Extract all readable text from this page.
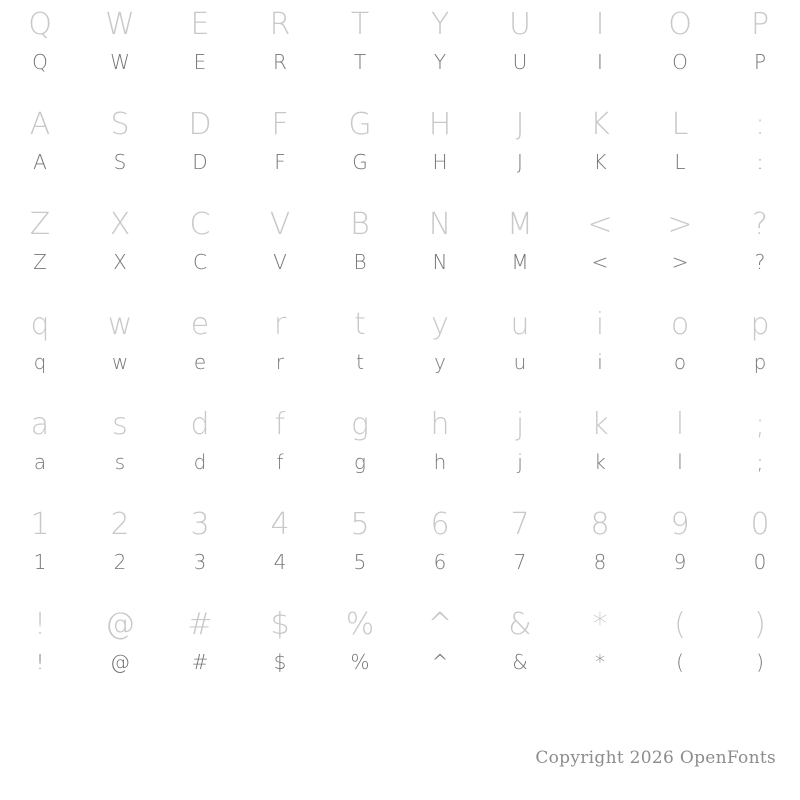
Q
Q
W
W
E
E
R
R
T
T
Y
Y
U
U
I
I
O
O
P
P
A
A
S
S
D
D
F
F
G
G
H
H
J
J
K
K
L
L
:
:
Z
Z
X
X
C
C
V
V
B
B
N
N
M
M
<
<
>
>
?
?
q
q
w
w
e
e
r
r
t
t
y
y
u
u
i
i
o
o
p
p
a
a
s
s
d
d
f
f
g
g
h
h
j
j
k
k
l
l
;
;
1
1
2
2
3
3
4
4
5
5
6
6
7
7
8
8
9
9
0
0
!
!
@
@
#
#
$
$
%
%
^
^
&
&
*
*
(
(
)
)
Copyright 2026 OpenFonts
